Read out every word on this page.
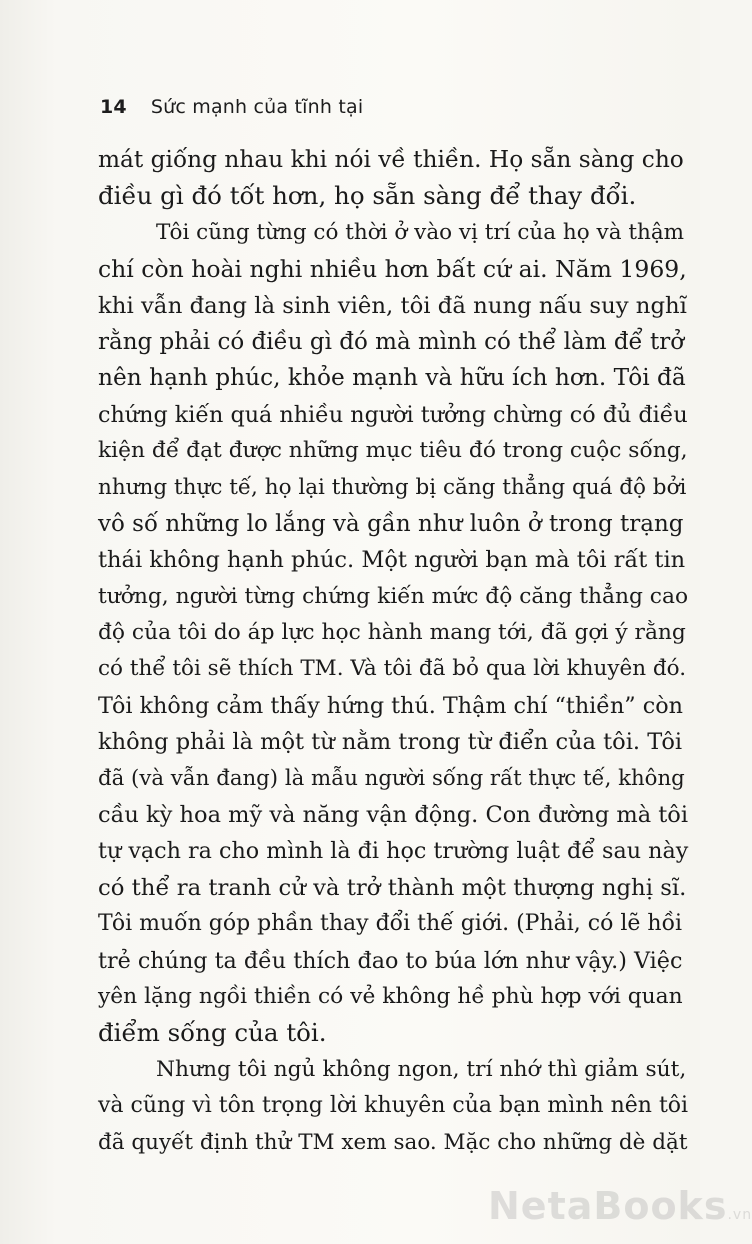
14 Sức mạnh của tĩnh tại
mát giống nhau khi nói về thiền. Họ sẵn sàng cho
điều gì đó tốt hơn, họ sẵn sàng để thay đổi.
Tôi cũng từng có thời ở vào vị trí của họ và thậm
chí còn hoài nghi nhiều hơn bất cứ ai. Năm 1969,
khi vẫn đang là sinh viên, tôi đã nung nấu suy nghĩ
rằng phải có điều gì đó mà mình có thể làm để trở
nên hạnh phúc, khỏe mạnh và hữu ích hơn. Tôi đã
chứng kiến quá nhiều người tưởng chừng có đủ điều
kiện để đạt được những mục tiêu đó trong cuộc sống,
nhưng thực tế, họ lại thường bị căng thẳng quá độ bởi
vô số những lo lắng và gần như luôn ở trong trạng
thái không hạnh phúc. Một người bạn mà tôi rất tin
tưởng, người từng chứng kiến mức độ căng thẳng cao
độ của tôi do áp lực học hành mang tới, đã gợi ý rằng
có thể tôi sẽ thích TM. Và tôi đã bỏ qua lời khuyên đó.
Tôi không cảm thấy hứng thú. Thậm chí “thiền” còn
không phải là một từ nằm trong từ điển của tôi. Tôi
đã (và vẫn đang) là mẫu người sống rất thực tế, không
cầu kỳ hoa mỹ và năng vận động. Con đường mà tôi
tự vạch ra cho mình là đi học trường luật để sau này
có thể ra tranh cử và trở thành một thượng nghị sĩ.
Tôi muốn góp phần thay đổi thế giới. (Phải, có lẽ hồi
trẻ chúng ta đều thích đao to búa lớn như vậy.) Việc
yên lặng ngồi thiền có vẻ không hề phù hợp với quan
điểm sống của tôi.
Nhưng tôi ngủ không ngon, trí nhớ thì giảm sút,
và cũng vì tôn trọng lời khuyên của bạn mình nên tôi
đã quyết định thử TM xem sao. Mặc cho những dè dặt
NetaBooks.vn
